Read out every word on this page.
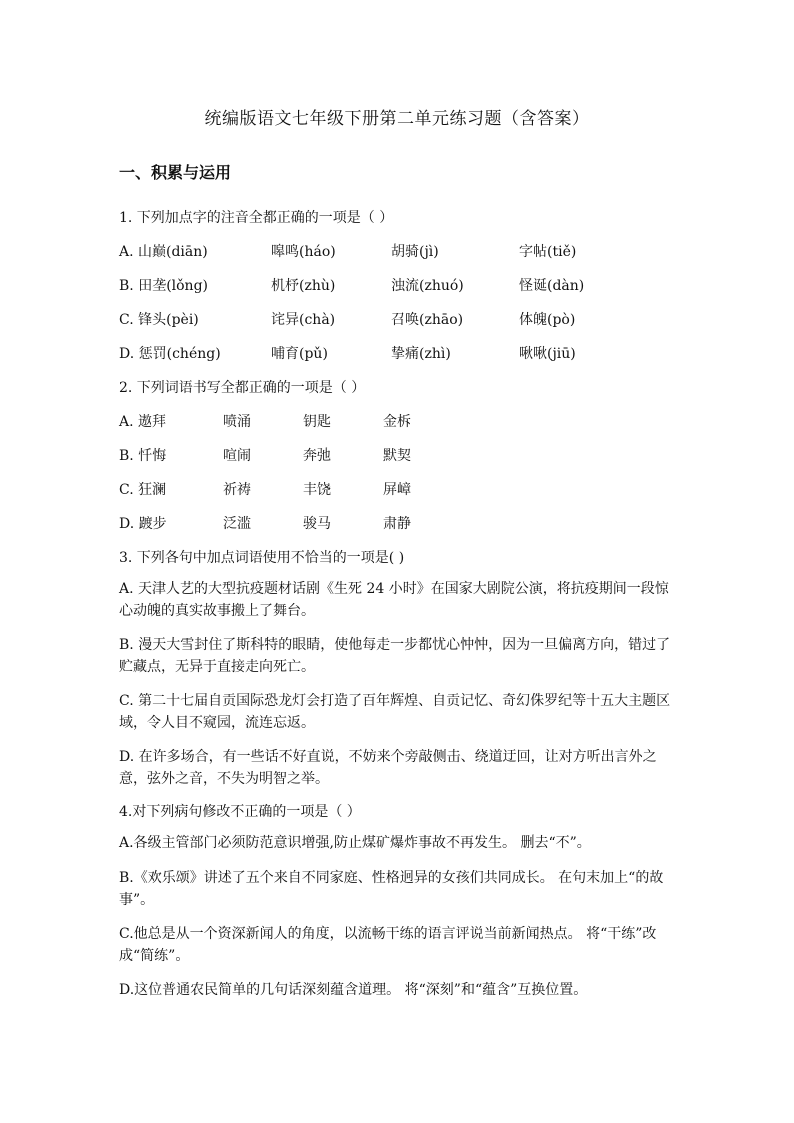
统编版语文七年级下册第二单元练习题（含答案）
一、积累与运用
1. 下列加点字的注音全都正确的一项是（ ）
A. 山巅(diān)	嗥鸣(háo)	胡骑(jì)	字帖(tiě)
B. 田垄(lǒng)	机杼(zhù)	浊流(zhuó)	怪诞(dàn)
C. 锋头(pèi)	诧异(chà)	召唤(zhāo)	体魄(pò)
D. 惩罚(chéng)	哺育(pǔ)	挚痛(zhì)	啾啾(jiū)
2. 下列词语书写全都正确的一项是（ ）
A. 遨拜	喷涌	钥匙	金柝
B. 忏悔	喧闹	奔弛	默契
C. 狂澜	祈祷	丰饶	屏嶂
D. 踱步	泛滥	骏马	肃静
3. 下列各句中加点词语使用不恰当的一项是( )
A. 天津人艺的大型抗疫题材话剧《生死 24 小时》在国家大剧院公演，将抗疫期间一段惊心动魄的真实故事搬上了舞台。
B. 漫天大雪封住了斯科特的眼睛，使他每走一步都忧心忡忡，因为一旦偏离方向，错过了贮藏点，无异于直接走向死亡。
C. 第二十七届自贡国际恐龙灯会打造了百年辉煌、自贡记忆、奇幻侏罗纪等十五大主题区域，令人目不窥园，流连忘返。
D. 在许多场合，有一些话不好直说，不妨来个旁敲侧击、绕道迂回，让对方听出言外之意，弦外之音，不失为明智之举。
4.对下列病句修改不正确的一项是（ ）
A.各级主管部门必须防范意识增强,防止煤矿爆炸事故不再发生。 删去“不”。
B.《欢乐颂》讲述了五个来自不同家庭、性格迥异的女孩们共同成长。 在句末加上“的故事”。
C.他总是从一个资深新闻人的角度，以流畅干练的语言评说当前新闻热点。 将“干练”改成“简练”。
D.这位普通农民简单的几句话深刻蕴含道理。 将“深刻”和“蕴含”互换位置。
